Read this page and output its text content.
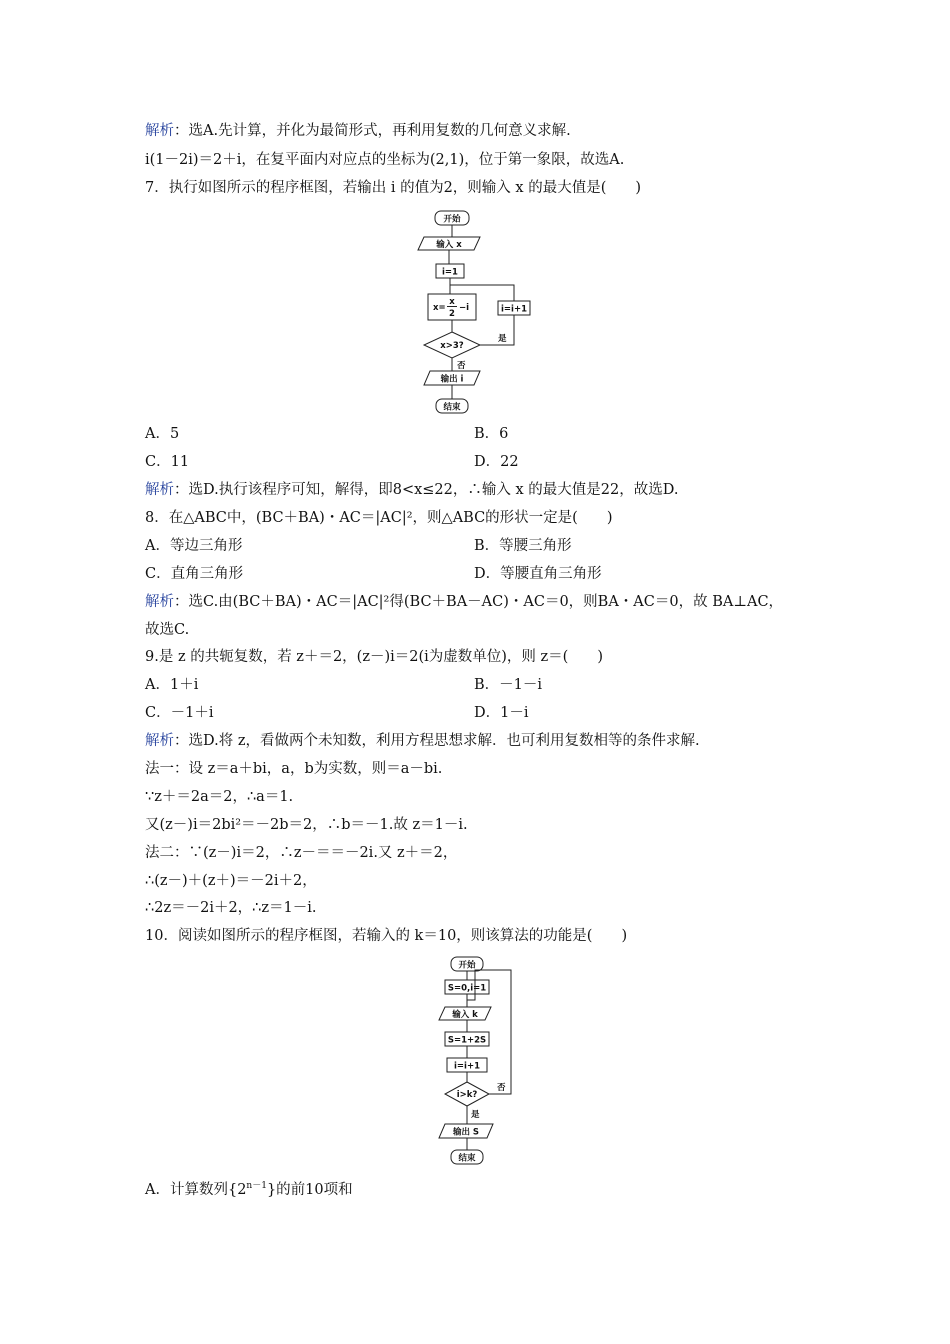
解析：选A.先计算，并化为最简形式，再利用复数的几何意义求解.
i(1－2i)＝2＋i，在复平面内对应点的坐标为(2,1)，位于第一象限，故选A.
7．执行如图所示的程序框图，若输出 i 的值为2，则输入 x 的最大值是(　　)
开始
输入 x
i=1
x=
x
2
−i	i=i+1
是
x>3?
否
输出 i
结束
A．5	B．6
C．11	D．22
解析：选D.执行该程序可知，解得，即8<x≤22，∴输入 x 的最大值是22，故选D.
8．在△ABC中，(BC＋BA)・AC＝|AC|²，则△ABC的形状一定是(　　)
A．等边三角形	B．等腰三角形
C．直角三角形	D．等腰直角三角形
解析：选C.由(BC＋BA)・AC＝|AC|²得(BC＋BA－AC)・AC＝0，则BA・AC＝0，故 BA⊥AC，
故选C.
9.是 z 的共轭复数，若 z＋＝2，(z－)i＝2(i为虚数单位)，则 z＝(　　)
A．1＋i	B．－1－i
C．－1＋i	D．1－i
解析：选D.将 z，看做两个未知数，利用方程思想求解．也可利用复数相等的条件求解.
法一：设 z＝a＋bi，a，b为实数，则＝a－bi.
∵z＋＝2a＝2，∴a＝1.
又(z－)i＝2bi²＝－2b＝2，∴b＝－1.故 z＝1－i.
法二：∵(z－)i＝2，∴z－＝＝－2i.又 z＋＝2，
∴(z－)＋(z＋)＝－2i＋2，
∴2z＝－2i＋2，∴z＝1－i.
10．阅读如图所示的程序框图，若输入的 k＝10，则该算法的功能是(　　)
开始
S=0,i=1
输入 k
S=1+2S
i=i+1
i>k?
否
是
输出 S
结束
A．计算数列$\{2^{n-1}\}$的前10项和
